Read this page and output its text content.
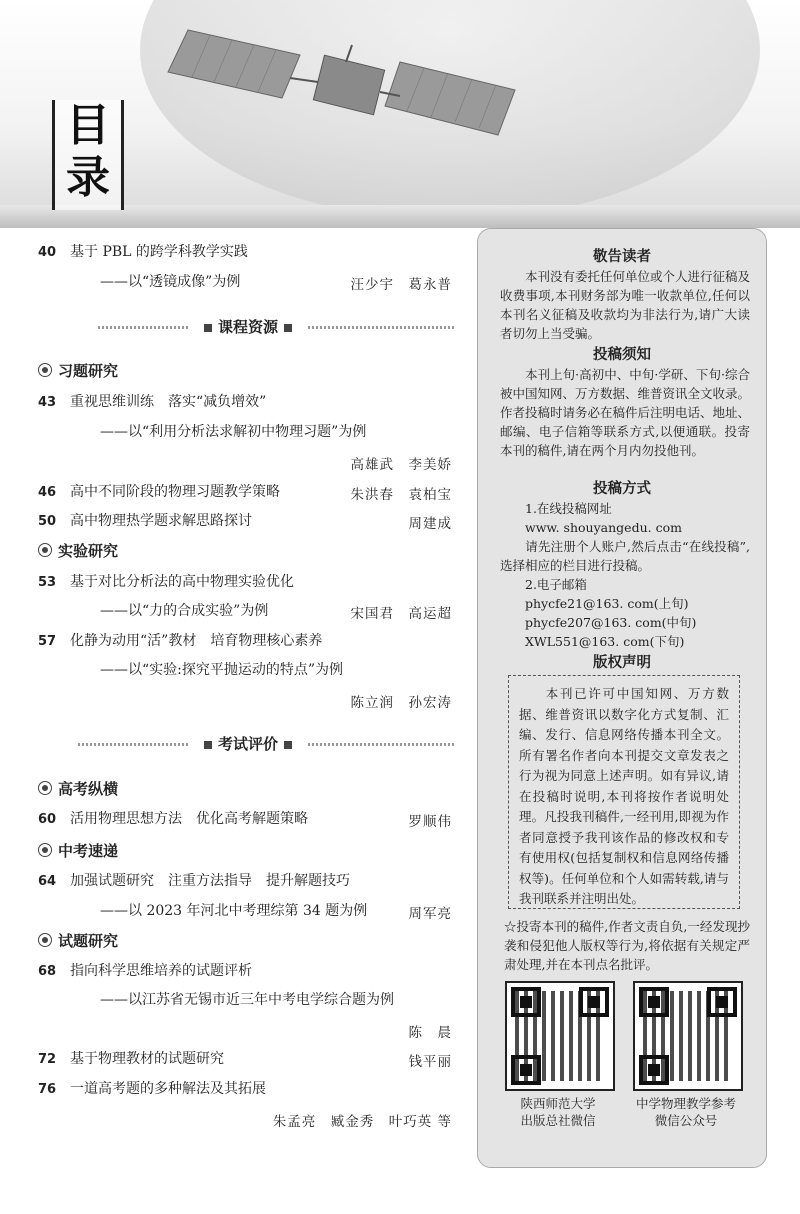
目
录
40 基于 PBL 的跨学科教学实践
——以“透镜成像”为例	汪少宇　葛永普
课程资源
习题研究
43 重视思维训练　落实“减负增效”
——以“利用分析法求解初中物理习题”为例
高雄武　李美娇
46 高中不同阶段的物理习题教学策略	朱洪春　袁柏宝
50 高中物理热学题求解思路探讨	周建成
实验研究
53 基于对比分析法的高中物理实验优化
——以“力的合成实验”为例	宋国君　高运超
57 化静为动用“活”教材　培育物理核心素养
——以“实验:探究平抛运动的特点”为例
陈立润　孙宏涛
考试评价
高考纵横
60 活用物理思想方法　优化高考解题策略	罗顺伟
中考速递
64 加强试题研究　注重方法指导　提升解题技巧
——以 2023 年河北中考理综第 34 题为例	周军亮
试题研究
68 指向科学思维培养的试题评析
——以江苏省无锡市近三年中考电学综合题为例
陈　晨
72 基于物理教材的试题研究	钱平丽
76 一道高考题的多种解法及其拓展
朱孟亮　臧金秀　叶巧英 等
敬告读者
本刊没有委托任何单位或个人进行征稿及收费事项,本刊财务部为唯一收款单位,任何以本刊名义征稿及收款均为非法行为,请广大读者切勿上当受骗。
投稿须知
本刊上旬·高初中、中旬·学研、下旬·综合被中国知网、万方数据、维普资讯全文收录。作者投稿时请务必在稿件后注明电话、地址、邮编、电子信箱等联系方式,以便通联。投寄本刊的稿件,请在两个月内勿投他刊。
投稿方式
1.在线投稿网址
www. shouyangedu. com
请先注册个人账户,然后点击“在线投稿”,选择相应的栏目进行投稿。
2.电子邮箱
phycfe21@163. com(上旬)
phycfe207@163. com(中旬)
XWL551@163. com(下旬)
版权声明
本刊已许可中国知网、万方数据、维普资讯以数字化方式复制、汇编、发行、信息网络传播本刊全文。所有署名作者向本刊提交文章发表之行为视为同意上述声明。如有异议,请在投稿时说明,本刊将按作者说明处理。凡投我刊稿件,一经刊用,即视为作者同意授予我刊该作品的修改权和专有使用权(包括复制权和信息网络传播权等)。任何单位和个人如需转载,请与我刊联系并注明出处。
☆投寄本刊的稿件,作者文责自负,一经发现抄袭和侵犯他人版权等行为,将依据有关规定严肃处理,并在本刊点名批评。
陕西师范大学
出版总社微信
中学物理教学参考
微信公众号
